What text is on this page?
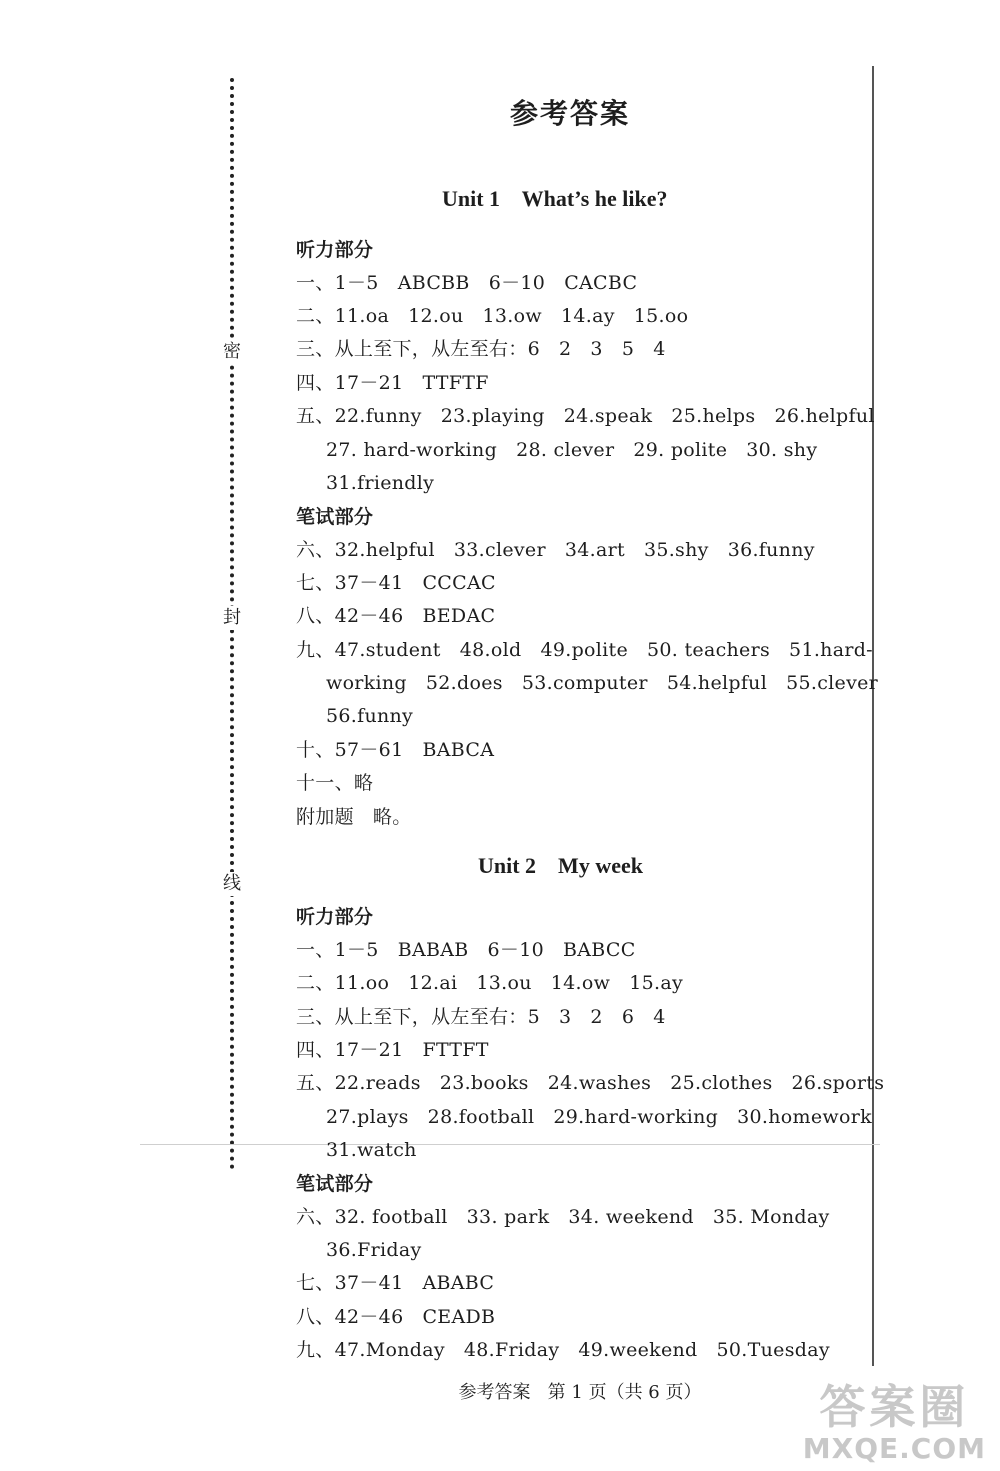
密
封
线
参考答案
Unit 1    What’s he like?
听力部分
一、1－5   ABCBB   6－10   CACBC
二、11.oa   12.ou   13.ow   14.ay   15.oo
三、从上至下，从左至右：6   2   3   5   4
四、17－21   TTFTF
五、22.funny   23.playing   24.speak   25.helps   26.helpful
27. hard-working   28. clever   29. polite   30. shy
31.friendly
笔试部分
六、32.helpful   33.clever   34.art   35.shy   36.funny
七、37－41   CCCAC
八、42－46   BEDAC
九、47.student   48.old   49.polite   50. teachers   51.hard-
working   52.does   53.computer   54.helpful   55.clever
56.funny
十、57－61   BABCA
十一、略
附加题   略。
Unit 2    My week
听力部分
一、1－5   BABAB   6－10   BABCC
二、11.oo   12.ai   13.ou   14.ow   15.ay
三、从上至下，从左至右：5   3   2   6   4
四、17－21   FTTFT
五、22.reads   23.books   24.washes   25.clothes   26.sports
27.plays   28.football   29.hard-working   30.homework
31.watch
笔试部分
六、32. football   33. park   34. weekend   35. Monday
36.Friday
七、37－41   ABABC
八、42－46   CEADB
九、47.Monday   48.Friday   49.weekend   50.Tuesday
参考答案   第 1 页（共 6 页）	答案圈
MXQE.COM
